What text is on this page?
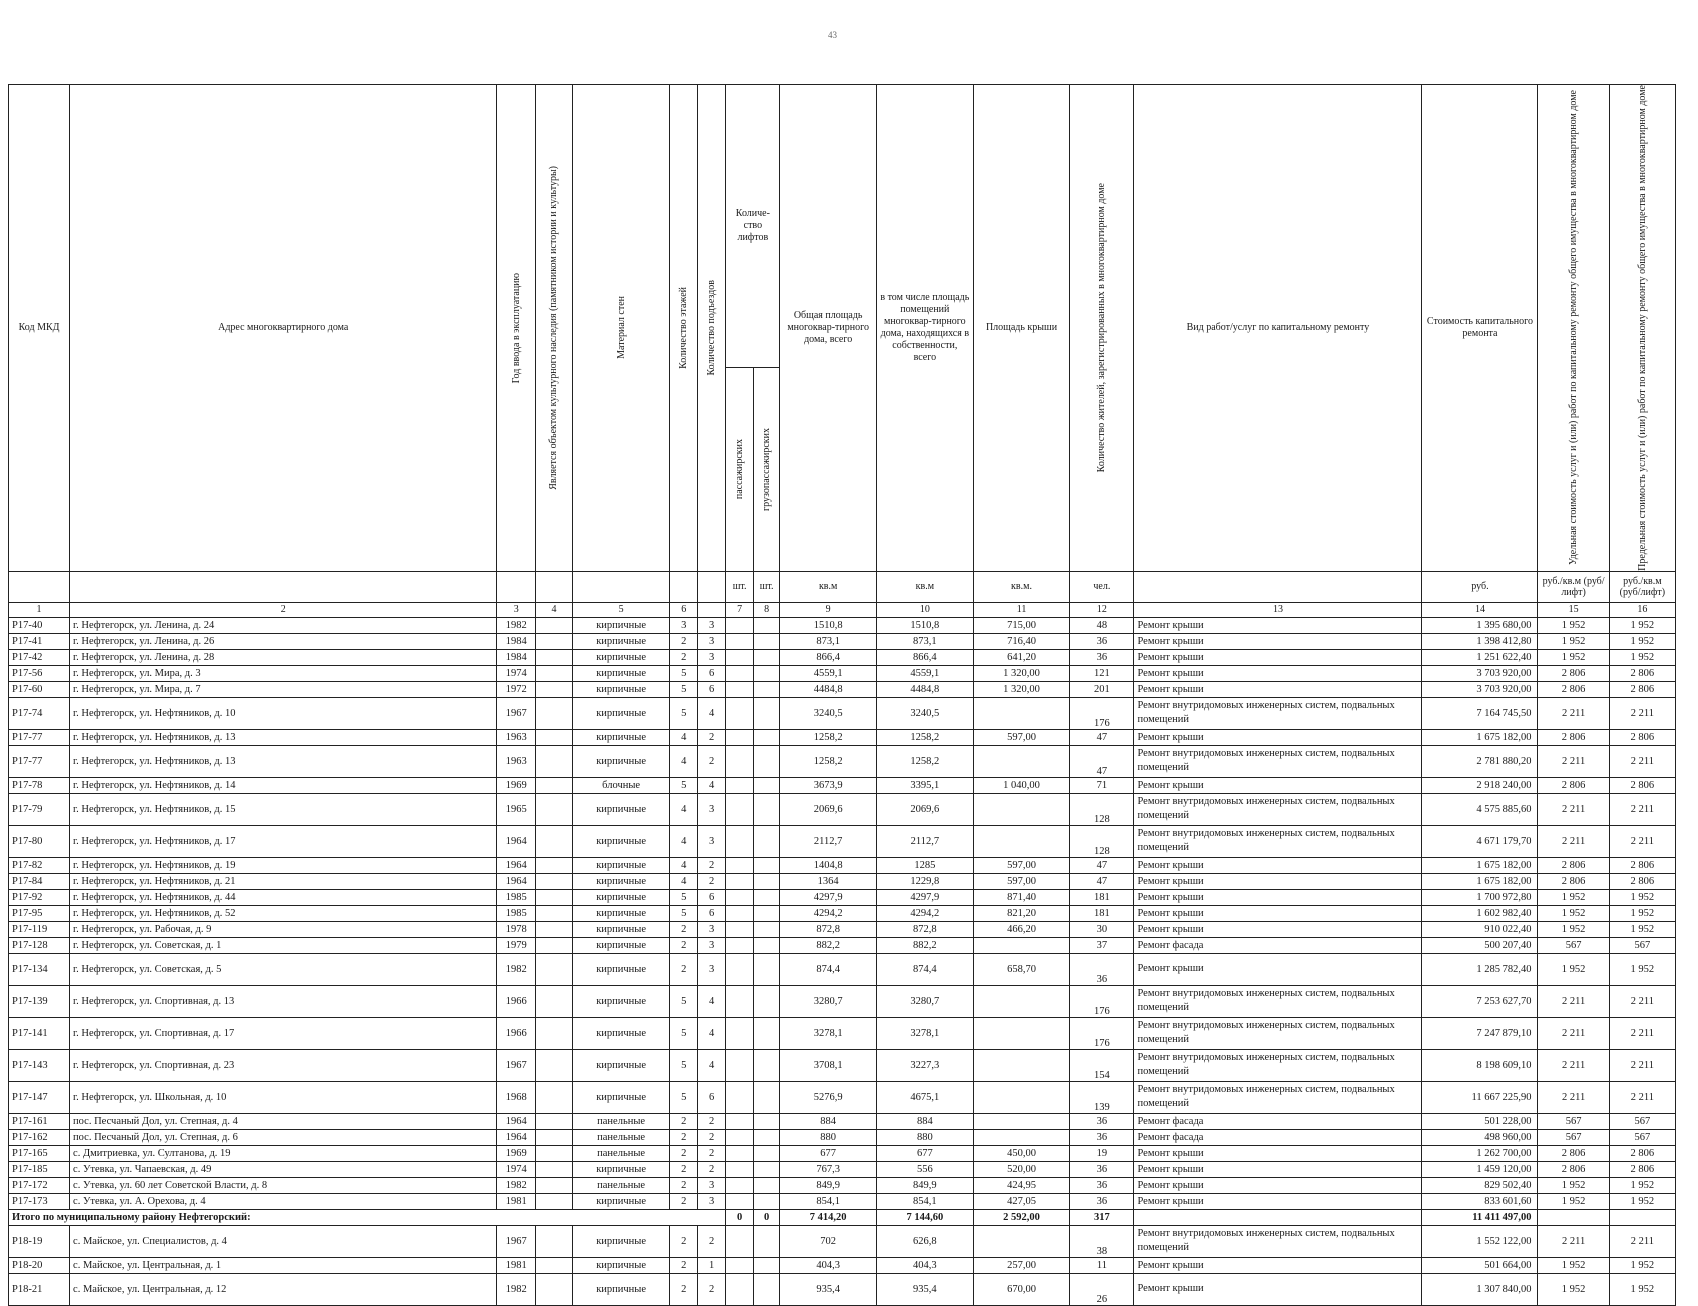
43
Код МКД	Адрес многоквартирного дома	Год ввода в эксплуатацию	Является объектом культурного наследия (памятником истории и культуры)	Материал стен	Количество этажей	Количество подъездов	Количе-ство лифтов		Общая площадь многоквар-тирного дома, всего	в том числе площадь помещений многоквар-тирного дома, находящихся в собственности, всего	Площадь крыши	Количество жителей, зарегистрированных в многоквартирном доме	Вид работ/услуг по капитальному ремонту	Стоимость капитального ремонта	Удельная стоимость услуг и (или) работ по капитальному ремонту общего имущества в многоквартирном доме	Предельная стоимость услуг и (или) работ по капитальному ремонту общего имущества в многоквартирном доме

							пассажирских	грузопассажирских								

							шт.	шт.	кв.м	кв.м	кв.м.	чел.		руб.	руб./кв.м (руб/лифт)	руб./кв.м (руб/лифт)
1	2	3	4	5	6		7	8	9	10	11	12	13	14	15	16
P17-40	г. Нефтегорск, ул. Ленина, д. 24	1982		кирпичные	3	3			1510,8	1510,8	715,00	48	Ремонт крыши	1 395 680,00	1 952	1 952
P17-41	г. Нефтегорск, ул. Ленина, д. 26	1984		кирпичные	2	3			873,1	873,1	716,40	36	Ремонт крыши	1 398 412,80	1 952	1 952
P17-42	г. Нефтегорск, ул. Ленина, д. 28	1984		кирпичные	2	3			866,4	866,4	641,20	36	Ремонт крыши	1 251 622,40	1 952	1 952
P17-56	г. Нефтегорск, ул. Мира, д. 3	1974		кирпичные	5	6			4559,1	4559,1	1 320,00	121	Ремонт крыши	3 703 920,00	2 806	2 806
P17-60	г. Нефтегорск, ул. Мира, д. 7	1972		кирпичные	5	6			4484,8	4484,8	1 320,00	201	Ремонт крыши	3 703 920,00	2 806	2 806
P17-74	г. Нефтегорск, ул. Нефтяников, д. 10	1967		кирпичные	5	4			3240,5	3240,5		176	Ремонт внутридомовых инженерных систем, подвальных помещений	7 164 745,50	2 211	2 211
P17-77	г. Нефтегорск, ул. Нефтяников, д. 13	1963		кирпичные	4	2			1258,2	1258,2	597,00	47	Ремонт крыши	1 675 182,00	2 806	2 806
P17-77	г. Нефтегорск, ул. Нефтяников, д. 13	1963		кирпичные	4	2			1258,2	1258,2		47	Ремонт внутридомовых инженерных систем, подвальных помещений	2 781 880,20	2 211	2 211
P17-78	г. Нефтегорск, ул. Нефтяников, д. 14	1969		блочные	5	4			3673,9	3395,1	1 040,00	71	Ремонт крыши	2 918 240,00	2 806	2 806
P17-79	г. Нефтегорск, ул. Нефтяников, д. 15	1965		кирпичные	4	3			2069,6	2069,6		128	Ремонт внутридомовых инженерных систем, подвальных помещений	4 575 885,60	2 211	2 211
P17-80	г. Нефтегорск, ул. Нефтяников, д. 17	1964		кирпичные	4	3			2112,7	2112,7		128	Ремонт внутридомовых инженерных систем, подвальных помещений	4 671 179,70	2 211	2 211
P17-82	г. Нефтегорск, ул. Нефтяников, д. 19	1964		кирпичные	4	2			1404,8	1285	597,00	47	Ремонт крыши	1 675 182,00	2 806	2 806
P17-84	г. Нефтегорск, ул. Нефтяников, д. 21	1964		кирпичные	4	2			1364	1229,8	597,00	47	Ремонт крыши	1 675 182,00	2 806	2 806
P17-92	г. Нефтегорск, ул. Нефтяников, д. 44	1985		кирпичные	5	6			4297,9	4297,9	871,40	181	Ремонт крыши	1 700 972,80	1 952	1 952
P17-95	г. Нефтегорск, ул. Нефтяников, д. 52	1985		кирпичные	5	6			4294,2	4294,2	821,20	181	Ремонт крыши	1 602 982,40	1 952	1 952
P17-119	г. Нефтегорск, ул. Рабочая, д. 9	1978		кирпичные	2	3			872,8	872,8	466,20	30	Ремонт крыши	910 022,40	1 952	1 952
P17-128	г. Нефтегорск, ул. Советская, д. 1	1979		кирпичные	2	3			882,2	882,2		37	Ремонт фасада	500 207,40	567	567
P17-134	г. Нефтегорск, ул. Советская, д. 5	1982		кирпичные	2	3			874,4	874,4	658,70	36	Ремонт крыши	1 285 782,40	1 952	1 952
P17-139	г. Нефтегорск, ул. Спортивная, д. 13	1966		кирпичные	5	4			3280,7	3280,7		176	Ремонт внутридомовых инженерных систем, подвальных помещений	7 253 627,70	2 211	2 211
P17-141	г. Нефтегорск, ул. Спортивная, д. 17	1966		кирпичные	5	4			3278,1	3278,1		176	Ремонт внутридомовых инженерных систем, подвальных помещений	7 247 879,10	2 211	2 211
P17-143	г. Нефтегорск, ул. Спортивная, д. 23	1967		кирпичные	5	4			3708,1	3227,3		154	Ремонт внутридомовых инженерных систем, подвальных помещений	8 198 609,10	2 211	2 211
P17-147	г. Нефтегорск, ул. Школьная, д. 10	1968		кирпичные	5	6			5276,9	4675,1		139	Ремонт внутридомовых инженерных систем, подвальных помещений	11 667 225,90	2 211	2 211
P17-161	пос. Песчаный Дол, ул. Степная, д. 4	1964		панельные	2	2			884	884		36	Ремонт фасада	501 228,00	567	567
P17-162	пос. Песчаный Дол, ул. Степная, д. 6	1964		панельные	2	2			880	880		36	Ремонт фасада	498 960,00	567	567
P17-165	с. Дмитриевка, ул. Султанова, д. 19	1969		панельные	2	2			677	677	450,00	19	Ремонт крыши	1 262 700,00	2 806	2 806
P17-185	с. Утевка, ул. Чапаевская, д. 49	1974		кирпичные	2	2			767,3	556	520,00	36	Ремонт крыши	1 459 120,00	2 806	2 806
P17-172	с. Утевка, ул. 60 лет Советской Власти, д. 8	1982		панельные	2	3			849,9	849,9	424,95	36	Ремонт крыши	829 502,40	1 952	1 952
P17-173	с. Утевка, ул. А. Орехова, д. 4	1981		кирпичные	2	3			854,1	854,1	427,05	36	Ремонт крыши	833 601,60	1 952	1 952
Итого по муниципальному району Нефтегорский:							0	0	7 414,20	7 144,60	2 592,00	317		11 411 497,00		
P18-19	с. Майское, ул. Специалистов, д. 4	1967		кирпичные	2	2			702	626,8		38	Ремонт внутридомовых инженерных систем, подвальных помещений	1 552 122,00	2 211	2 211
P18-20	с. Майское, ул. Центральная, д. 1	1981		кирпичные	2	1			404,3	404,3	257,00	11	Ремонт крыши	501 664,00	1 952	1 952
P18-21	с. Майское, ул. Центральная, д. 12	1982		кирпичные	2	2			935,4	935,4	670,00	26	Ремонт крыши	1 307 840,00	1 952	1 952
